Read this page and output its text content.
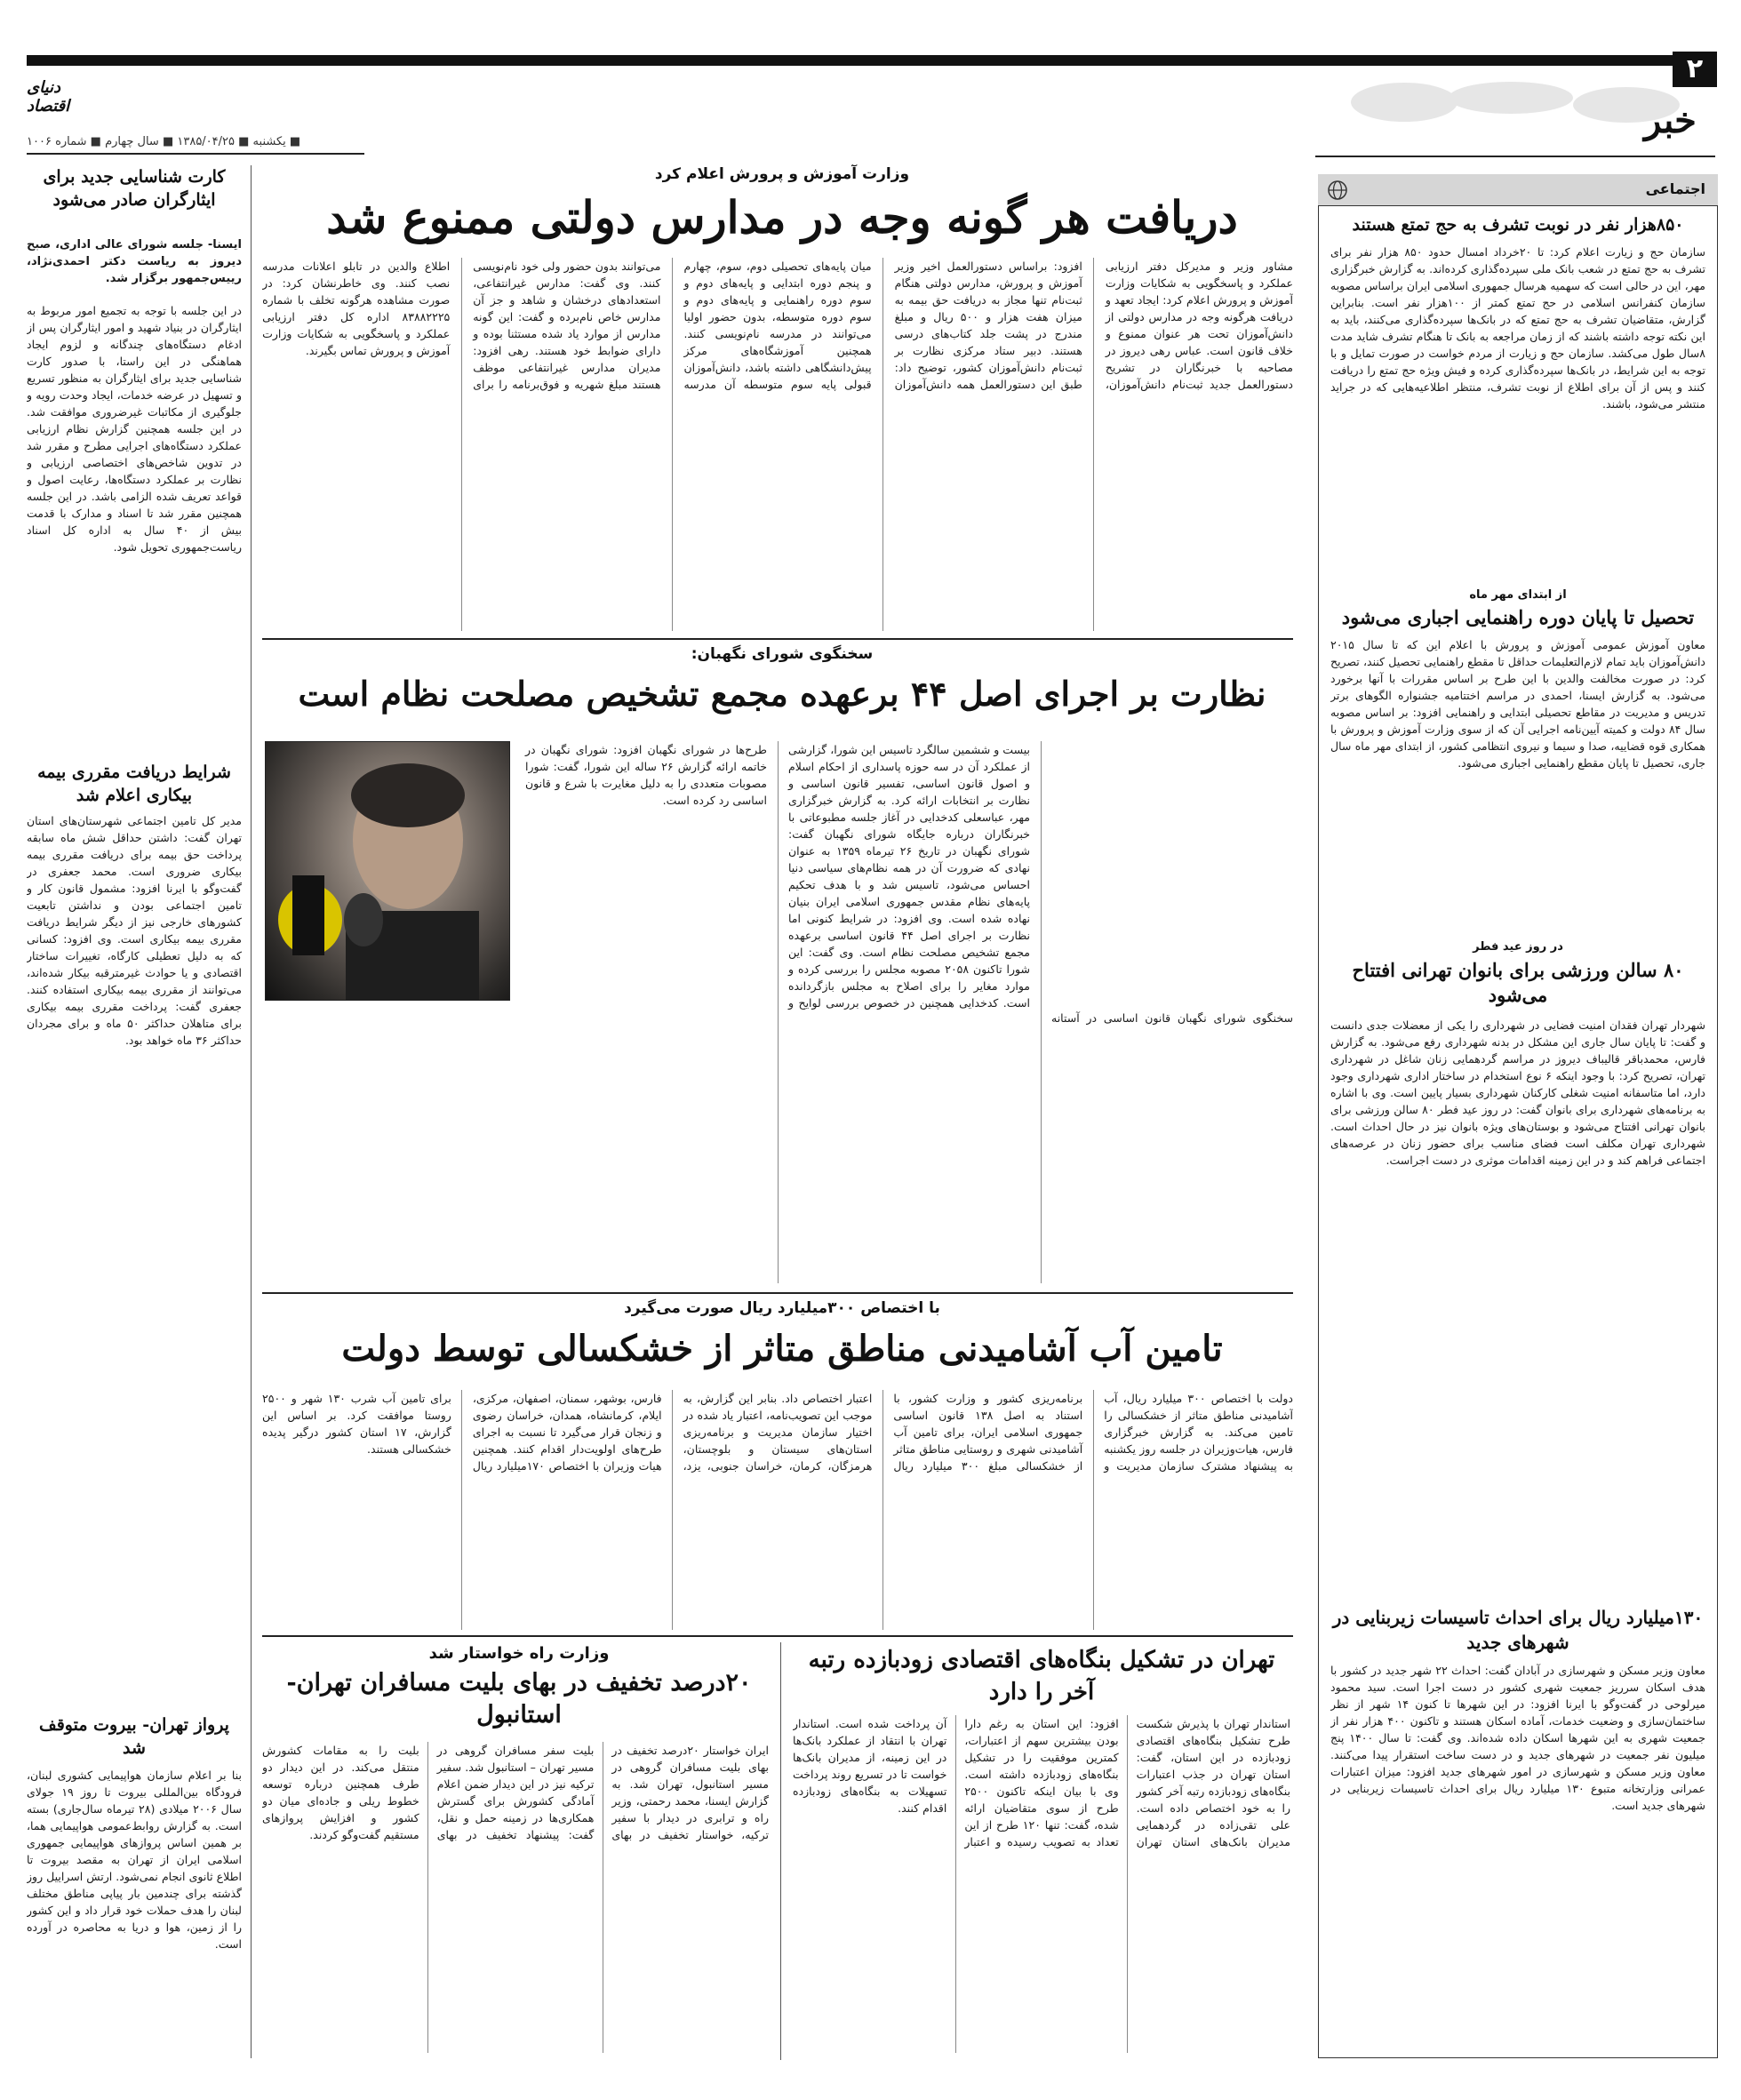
۲
دنیای اقتصاد	خبر
■ یکشنبه ■ ۱۳۸۵/۰۴/۲۵ ■ سال چهارم ■ شماره ۱۰۰۶
اجتماعی
۸۵۰هزار نفر در نوبت تشرف به حج تمتع هستند
سازمان حج و زیارت اعلام کرد: تا ۲۰خرداد امسال حدود ۸۵۰ هزار نفر برای تشرف به حج تمتع در شعب بانک ملی سپرده‌گذاری کرده‌اند. به گزارش خبرگزاری مهر، این در حالی است که سهمیه هرسال جمهوری اسلامی ایران براساس مصوبه سازمان کنفرانس اسلامی در حج تمتع کمتر از ۱۰۰هزار نفر است. بنابراین گزارش، متقاضیان تشرف به حج تمتع که در بانک‌ها سپرده‌گذاری می‌کنند، باید به این نکته توجه داشته باشند که از زمان مراجعه به بانک تا هنگام تشرف شاید مدت ۸سال طول می‌کشد. سازمان حج و زیارت از مردم خواست در صورت تمایل و با توجه به این شرایط، در بانک‌ها سپرده‌گذاری کرده و فیش ویژه حج تمتع را دریافت کنند و پس از آن برای اطلاع از نوبت تشرف، منتظر اطلاعیه‌هایی که در جراید منتشر می‌شود، باشند.
از ابتدای مهر ماه
تحصیل تا پایان دوره راهنمایی اجباری می‌شود
معاون آموزش عمومی آموزش و پرورش با اعلام این که تا سال ۲۰۱۵ دانش‌آموزان باید تمام لازم‌التعلیمات حداقل تا مقطع راهنمایی تحصیل کنند، تصریح کرد: در صورت مخالفت والدین با این طرح بر اساس مقررات با آنها برخورد می‌شود. به گزارش ایسنا، احمدی در مراسم اختتامیه جشنواره الگوهای برتر تدریس و مدیریت در مقاطع تحصیلی ابتدایی و راهنمایی افزود: بر اساس مصوبه سال ۸۴ دولت و کمیته آیین‌نامه اجرایی آن که از سوی وزارت آموزش و پرورش با همکاری قوه قضاییه، صدا و سیما و نیروی انتظامی کشور، از ابتدای مهر ماه سال جاری، تحصیل تا پایان مقطع راهنمایی اجباری می‌شود.
در روز عید فطر
۸۰ سالن ورزشی برای بانوان تهرانی افتتاح می‌شود
شهردار تهران فقدان امنیت فضایی در شهرداری را یکی از معضلات جدی دانست و گفت: تا پایان سال جاری این مشکل در بدنه شهرداری رفع می‌شود. به گزارش فارس، محمدباقر قالیباف دیروز در مراسم گردهمایی زنان شاغل در شهرداری تهران، تصریح کرد: با وجود اینکه ۶ نوع استخدام در ساختار اداری شهرداری وجود دارد، اما متاسفانه امنیت شغلی کارکنان شهرداری بسیار پایین است. وی با اشاره به برنامه‌های شهرداری برای بانوان گفت: در روز عید فطر ۸۰ سالن ورزشی برای بانوان تهرانی افتتاح می‌شود و بوستان‌های ویژه بانوان نیز در حال احداث است. شهرداری تهران مکلف است فضای مناسب برای حضور زنان در عرصه‌های اجتماعی فراهم کند و در این زمینه اقدامات موثری در دست اجراست.
۱۳۰میلیارد ریال برای احداث تاسیسات زیربنایی در شهرهای جدید
معاون وزیر مسکن و شهرسازی در آبادان گفت: احداث ۲۲ شهر جدید در کشور با هدف اسکان سرریز جمعیت شهری کشور در دست اجرا است. سید محمود میرلوحی در گفت‌وگو با ایرنا افزود: در این شهرها تا کنون ۱۴ شهر از نظر ساختمان‌سازی و وضعیت خدمات، آماده اسکان هستند و تاکنون ۴۰۰ هزار نفر از جمعیت شهری به این شهرها اسکان داده شده‌اند. وی گفت: تا سال ۱۴۰۰ پنج میلیون نفر جمعیت در شهرهای جدید و در دست ساخت استقرار پیدا می‌کنند. معاون وزیر مسکن و شهرسازی در امور شهرهای جدید افزود: میزان اعتبارات عمرانی وزارتخانه متبوع ۱۳۰ میلیارد ریال برای احداث تاسیسات زیربنایی در شهرهای جدید است.
وزارت آموزش و پرورش اعلام کرد
دریافت هر گونه وجه در مدارس دولتی ممنوع شد
مشاور وزیر و مدیرکل دفتر ارزیابی عملکرد و پاسخگویی به شکایات وزارت آموزش و پرورش اعلام کرد: ایجاد تعهد و دریافت هرگونه وجه در مدارس دولتی از دانش‌آموزان تحت هر عنوان ممنوع و خلاف قانون است. عباس رهی دیروز در مصاحبه با خبرنگاران در تشریح دستورالعمل جدید ثبت‌نام دانش‌آموزان، افزود: براساس دستورالعمل اخیر وزیر آموزش و پرورش، مدارس دولتی هنگام ثبت‌نام تنها مجاز به دریافت حق بیمه به میزان هفت هزار و ۵۰۰ ریال و مبلغ مندرج در پشت جلد کتاب‌های درسی هستند. دبیر ستاد مرکزی نظارت بر ثبت‌نام دانش‌آموزان کشور، توضیح داد: طبق این دستورالعمل همه دانش‌آموزان میان پایه‌های تحصیلی دوم، سوم، چهارم و پنجم دوره ابتدایی و پایه‌های دوم و سوم دوره راهنمایی و پایه‌های دوم و سوم دوره متوسطه، بدون حضور اولیا می‌توانند در مدرسه نام‌نویسی کنند. همچنین آموزشگاه‌های مرکز پیش‌دانشگاهی داشته باشد، دانش‌آموزان قبولی پایه سوم متوسطه آن مدرسه می‌توانند بدون حضور ولی خود نام‌نویسی کنند. وی گفت: مدارس غیرانتفاعی، استعدادهای درخشان و شاهد و جز آن مدارس خاص نام‌برده و گفت: این گونه مدارس از موارد یاد شده مستثنا بوده و دارای ضوابط خود هستند. رهی افزود: مدیران مدارس غیرانتفاعی موظف هستند مبلغ شهریه و فوق‌برنامه را برای اطلاع والدین در تابلو اعلانات مدرسه نصب کنند. وی خاطرنشان کرد: در صورت مشاهده هرگونه تخلف با شماره ۸۳۸۸۲۲۲۵ اداره کل دفتر ارزیابی عملکرد و پاسخگویی به شکایات وزارت آموزش و پرورش تماس بگیرند.
سخنگوی شورای نگهبان:
نظارت بر اجرای اصل ۴۴ برعهده مجمع تشخیص مصلحت نظام است
سخنگوی شورای نگهبان قانون اساسی در آستانه بیست و ششمین سالگرد تاسیس این شورا، گزارشی از عملکرد آن در سه حوزه پاسداری از احکام اسلام و اصول قانون اساسی، تفسیر قانون اساسی و نظارت بر انتخابات ارائه کرد. به گزارش خبرگزاری مهر، عباسعلی کدخدایی در آغاز جلسه مطبوعاتی با خبرنگاران درباره جایگاه شورای نگهبان گفت: شورای نگهبان در تاریخ ۲۶ تیرماه ۱۳۵۹ به عنوان نهادی که ضرورت آن در همه نظام‌های سیاسی دنیا احساس می‌شود، تاسیس شد و با هدف تحکیم پایه‌های نظام مقدس جمهوری اسلامی ایران بنیان نهاده شده است. وی افزود: در شرایط کنونی اما نظارت بر اجرای اصل ۴۴ قانون اساسی برعهده مجمع تشخیص مصلحت نظام است. وی گفت: این شورا تاکنون ۲۰۵۸ مصوبه مجلس را بررسی کرده و موارد مغایر را برای اصلاح به مجلس بازگردانده است. کدخدایی همچنین در خصوص بررسی لوایح و طرح‌ها در شورای نگهبان افزود: شورای نگهبان در خاتمه ارائه گزارش ۲۶ ساله این شورا، گفت: شورا مصوبات متعددی را به دلیل مغایرت با شرع و قانون اساسی رد کرده است.
با اختصاص ۳۰۰میلیارد ریال صورت می‌گیرد
تامین آب آشامیدنی مناطق متاثر از خشکسالی توسط دولت
دولت با اختصاص ۳۰۰ میلیارد ریال، آب آشامیدنی مناطق متاثر از خشکسالی را تامین می‌کند. به گزارش خبرگزاری فارس، هیات‌وزیران در جلسه روز یکشنبه به پیشنهاد مشترک سازمان مدیریت و برنامه‌ریزی کشور و وزارت کشور، با استناد به اصل ۱۳۸ قانون اساسی جمهوری اسلامی ایران، برای تامین آب آشامیدنی شهری و روستایی مناطق متاثر از خشکسالی مبلغ ۳۰۰ میلیارد ریال اعتبار اختصاص داد. بنابر این گزارش، به موجب این تصویب‌نامه، اعتبار یاد شده در اختیار سازمان مدیریت و برنامه‌ریزی استان‌های سیستان و بلوچستان، هرمزگان، کرمان، خراسان جنوبی، یزد، فارس، بوشهر، سمنان، اصفهان، مرکزی، ایلام، کرمانشاه، همدان، خراسان رضوی و زنجان قرار می‌گیرد تا نسبت به اجرای طرح‌های اولویت‌دار اقدام کنند. همچنین هیات وزیران با اختصاص ۱۷۰میلیارد ریال برای تامین آب شرب ۱۳۰ شهر و ۲۵۰۰ روستا موافقت کرد. بر اساس این گزارش، ۱۷ استان کشور درگیر پدیده خشکسالی هستند.
تهران در تشکیل بنگاه‌های اقتصادی زودبازده رتبه آخر را دارد
استاندار تهران با پذیرش شکست طرح تشکیل بنگاه‌های اقتصادی زودبازده در این استان، گفت: استان تهران در جذب اعتبارات بنگاه‌های زودبازده رتبه آخر کشور را به خود اختصاص داده است. علی تقی‌زاده در گردهمایی مدیران بانک‌های استان تهران افزود: این استان به رغم دارا بودن بیشترین سهم از اعتبارات، کمترین موفقیت را در تشکیل بنگاه‌های زودبازده داشته است. وی با بیان اینکه تاکنون ۲۵۰۰ طرح از سوی متقاضیان ارائه شده، گفت: تنها ۱۲۰ طرح از این تعداد به تصویب رسیده و اعتبار آن پرداخت شده است. استاندار تهران با انتقاد از عملکرد بانک‌ها در این زمینه، از مدیران بانک‌ها خواست تا در تسریع روند پرداخت تسهیلات به بنگاه‌های زودبازده اقدام کنند.
وزارت راه خواستار شد
۲۰درصد تخفیف در بهای بلیت مسافران تهران- استانبول
ایران خواستار ۲۰درصد تخفیف در بهای بلیت مسافران گروهی در مسیر استانبول، تهران شد. به گزارش ایسنا، محمد رحمتی، وزیر راه و ترابری در دیدار با سفیر ترکیه، خواستار تخفیف در بهای بلیت سفر مسافران گروهی در مسیر تهران – استانبول شد. سفیر ترکیه نیز در این دیدار ضمن اعلام آمادگی کشورش برای گسترش همکاری‌ها در زمینه حمل و نقل، گفت: پیشنهاد تخفیف در بهای بلیت را به مقامات کشورش منتقل می‌کند. در این دیدار دو طرف همچنین درباره توسعه خطوط ریلی و جاده‌ای میان دو کشور و افزایش پروازهای مستقیم گفت‌وگو کردند.
کارت شناسایی جدید برای ایثارگران صادر می‌شود
ایسنا- جلسه شورای عالی اداری، صبح دیروز به ریاست دکتر احمدی‌نژاد، رییس‌جمهور برگزار شد.
در این جلسه با توجه به تجمیع امور مربوط به ایثارگران در بنیاد شهید و امور ایثارگران پس از ادغام دستگاه‌های چندگانه و لزوم ایجاد هماهنگی در این راستا، با صدور کارت شناسایی جدید برای ایثارگران به منظور تسریع و تسهیل در عرضه خدمات، ایجاد وحدت رویه و جلوگیری از مکاتبات غیرضروری موافقت شد. در این جلسه همچنین گزارش نظام ارزیابی عملکرد دستگاه‌های اجرایی مطرح و مقرر شد در تدوین شاخص‌های اختصاصی ارزیابی و نظارت بر عملکرد دستگاه‌ها، رعایت اصول و قواعد تعریف شده الزامی باشد. در این جلسه همچنین مقرر شد تا اسناد و مدارک با قدمت بیش از ۴۰ سال به اداره کل اسناد ریاست‌جمهوری تحویل شود.
شرایط دریافت مقرری بیمه بیکاری اعلام شد
مدیر کل تامین اجتماعی شهرستان‌های استان تهران گفت: داشتن حداقل شش ماه سابقه پرداخت حق بیمه برای دریافت مقرری بیمه بیکاری ضروری است. محمد جعفری در گفت‌وگو با ایرنا افزود: مشمول قانون کار و تامین اجتماعی بودن و نداشتن تابعیت کشورهای خارجی نیز از دیگر شرایط دریافت مقرری بیمه بیکاری است. وی افزود: کسانی که به دلیل تعطیلی کارگاه، تغییرات ساختار اقتصادی و یا حوادث غیرمترقبه بیکار شده‌اند، می‌توانند از مقرری بیمه بیکاری استفاده کنند. جعفری گفت: پرداخت مقرری بیمه بیکاری برای متاهلان حداکثر ۵۰ ماه و برای مجردان حداکثر ۳۶ ماه خواهد بود.
پرواز تهران- بیروت متوقف شد
بنا بر اعلام سازمان هواپیمایی کشوری لبنان، فرودگاه بین‌المللی بیروت تا روز ۱۹ جولای سال ۲۰۰۶ میلادی (۲۸ تیرماه سال‌جاری) بسته است. به گزارش روابط‌عمومی هواپیمایی هما، بر همین اساس پروازهای هواپیمایی جمهوری اسلامی ایران از تهران به مقصد بیروت تا اطلاع ثانوی انجام نمی‌شود. ارتش اسراییل روز گذشته برای چندمین بار پیاپی مناطق مختلف لبنان را هدف حملات خود قرار داد و این کشور را از زمین، هوا و دریا به محاصره در آورده است.
